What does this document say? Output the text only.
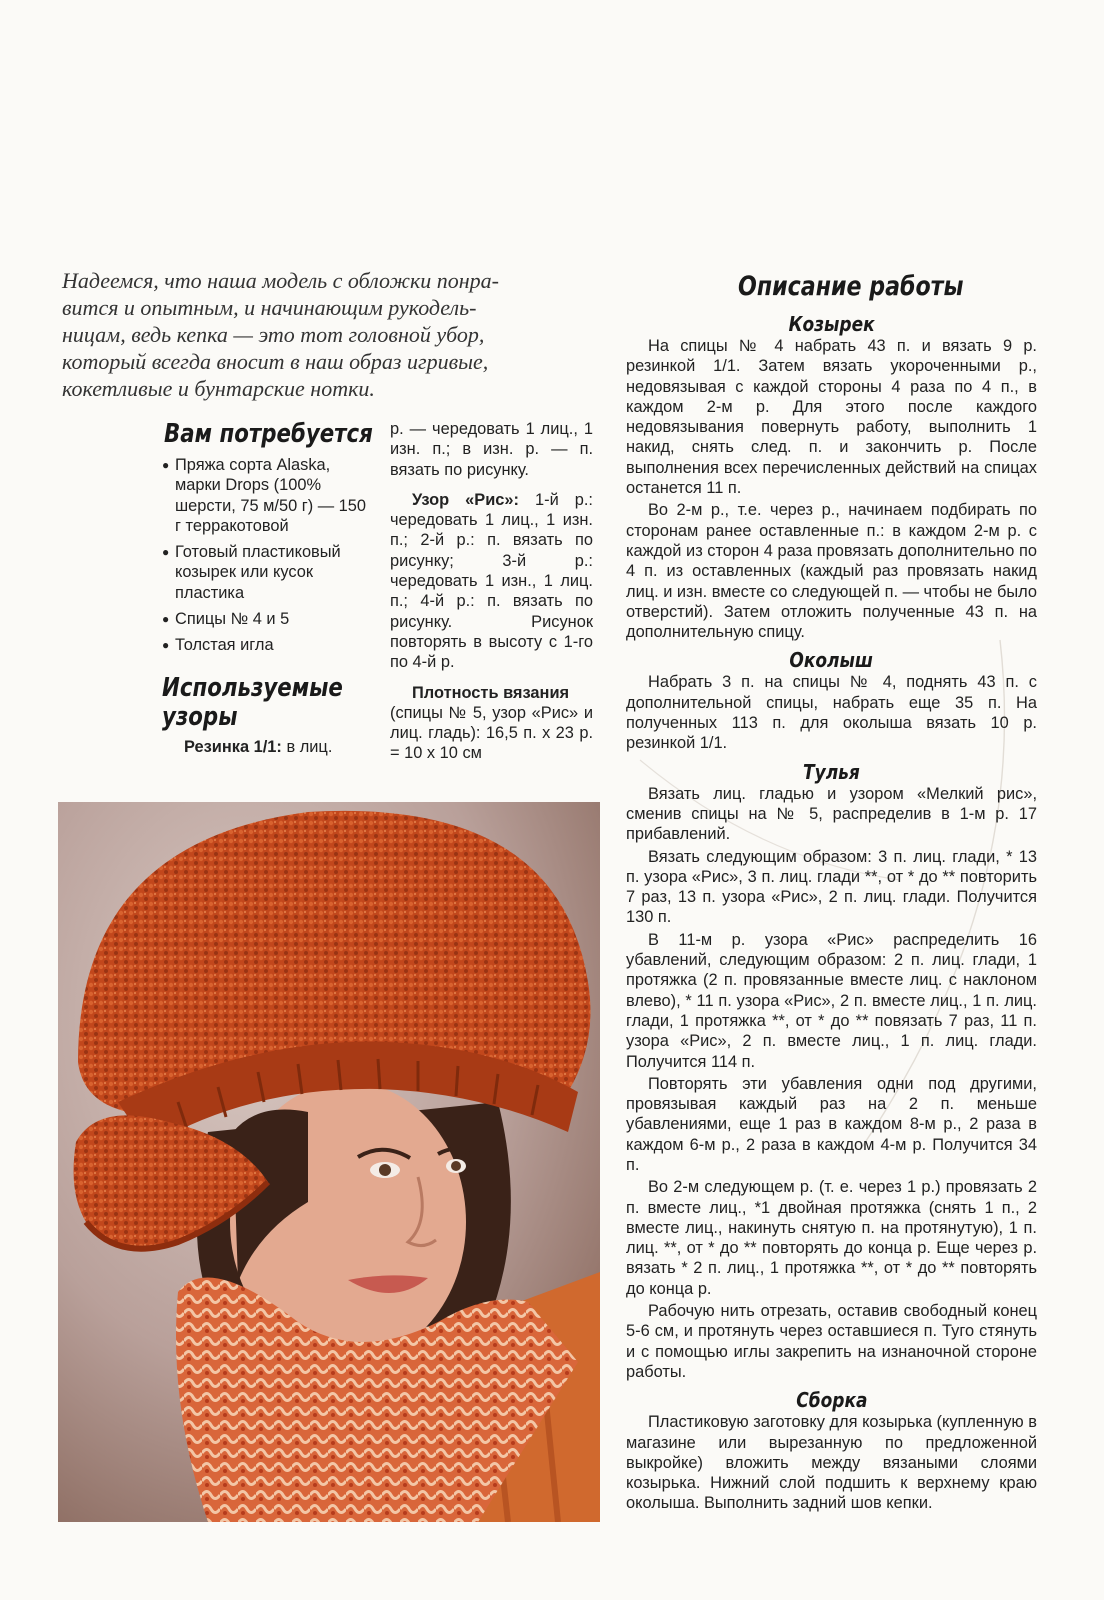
Надеемся, что наша модель с обложки понра-

вится и опытным, и начинающим рукодель-

ницам, ведь кепка — это тот головной убор,

который всегда вносит в наш образ игривые,

кокетливые и бунтарские нотки.

Вам потребуется
● Пряжа сорта Alaska, марки Drops (100% шерсти, 75 м/50 г) — 150 г терракотовой
● Готовый пластиковый козырек или кусок пластика
● Спицы № 4 и 5
● Толстая игла
Используемые
узоры
Резинка 1/1: в лиц.

р. — чередовать 1 лиц., 1 изн. п.; в изн. р. — п. вязать по рисунку.

Узор «Рис»: 1-й р.: чередовать 1 лиц., 1 изн. п.; 2-й р.: п. вязать по рисунку; 3-й р.: чередовать 1 изн., 1 лиц. п.; 4-й р.: п. вязать по рисунку. Рисунок повторять в высоту с 1-го по 4-й р.

Плотность вязания

(спицы № 5, узор «Рис» и лиц. гладь): 16,5 п. х 23 р. = 10 х 10 см

Описание работы
Козырек

На спицы № 4 набрать 43 п. и вязать 9 р. резинкой 1/1. Затем вязать укороченными р., недовязывая с каждой стороны 4 раза по 4 п., в каждом 2-м р. Для этого после каждого недовязывания повернуть работу, выполнить 1 накид, снять след. п. и закончить р. После выполнения всех перечисленных действий на спицах останется 11 п.

Во 2-м р., т.е. через р., начинаем подбирать по сторонам ранее оставленные п.: в каждом 2-м р. с каждой из сторон 4 раза провязать дополнительно по 4 п. из оставленных (каждый раз провязать накид лиц. и изн. вместе со следующей п. — чтобы не было отверстий). Затем отложить полученные 43 п. на дополнительную спицу.

Околыш

Набрать 3 п. на спицы № 4, поднять 43 п. с дополнительной спицы, набрать еще 35 п. На полученных 113 п. для околыша вязать 10 р. резинкой 1/1.

Тулья

Вязать лиц. гладью и узором «Мелкий рис», сменив спицы на № 5, распределив в 1-м р. 17 прибавлений.

Вязать следующим образом: 3 п. лиц. глади, * 13 п. узора «Рис», 3 п. лиц. глади **, от * до ** повторить 7 раз, 13 п. узора «Рис», 2 п. лиц. глади. Получится 130 п.

В 11-м р. узора «Рис» распределить 16 убавлений, следующим образом: 2 п. лиц. глади, 1 протяжка (2 п. провязанные вместе лиц. с наклоном влево), * 11 п. узора «Рис», 2 п. вместе лиц., 1 п. лиц. глади, 1 протяжка **, от * до ** повязать 7 раз, 11 п. узора «Рис», 2 п. вместе лиц., 1 п. лиц. глади. Получится 114 п.

Повторять эти убавления одни под другими, провязывая каждый раз на 2 п. меньше убавлениями, еще 1 раз в каждом 8-м р., 2 раза в каждом 6-м р., 2 раза в каждом 4-м р. Получится 34 п.

Во 2-м следующем р. (т. е. через 1 р.) провязать 2 п. вместе лиц., *1 двойная протяжка (снять 1 п., 2 вместе лиц., накинуть снятую п. на протянутую), 1 п. лиц. **, от * до ** повторять до конца р. Еще через р. вязать * 2 п. лиц., 1 протяжка **, от * до ** повторять до конца р.

Рабочую нить отрезать, оставив свободный конец 5-6 см, и протянуть через оставшиеся п. Туго стянуть и с помощью иглы закрепить на изнаночной стороне работы.

Сборка

Пластиковую заготовку для козырька (купленную в магазине или вырезанную по предложенной выкройке) вложить между вязаными слоями козырька. Нижний слой подшить к верхнему краю околыша. Выполнить задний шов кепки.
